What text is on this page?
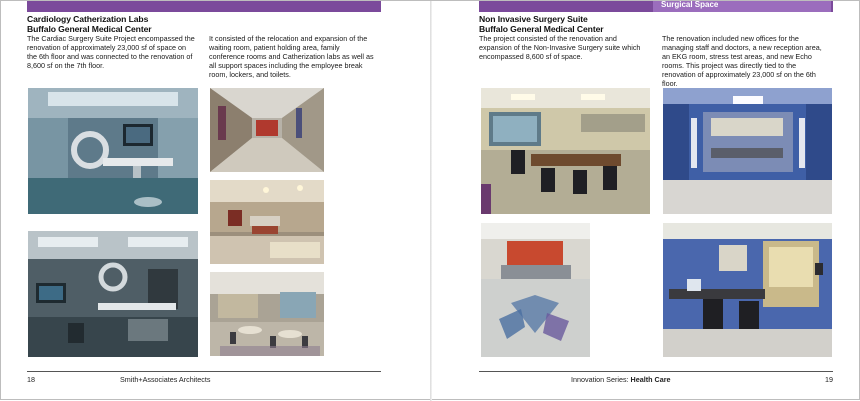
Cardiology Catherization Labs
Buffalo General Medical Center
The Cardiac Surgery Suite Project encompassed the renovation of approximately 23,000 sf of space on the 6th floor and was connected to the renovation of 8,600 sf on the 7th floor.
It consisted of the relocation and expansion of the waiting room, patient holding area, family conference rooms and Catherization labs as well as all support spaces including the employee break room, lockers, and toilets.
18	Smith+Associates Architects
Surgical Space
Non Invasive Surgery Suite
Buffalo General Medical Center
The project consisted of the renovation and expansion of the Non-Invasive Surgery suite which encompassed 8,600 sf of space.
The renovation included new offices for the managing staff and doctors, a new reception area, an EKG room, stress test areas, and new Echo rooms. This project was directly tied to the renovation of approximately 23,000 sf on the 6th floor.
Innovation Series: Health Care	19
